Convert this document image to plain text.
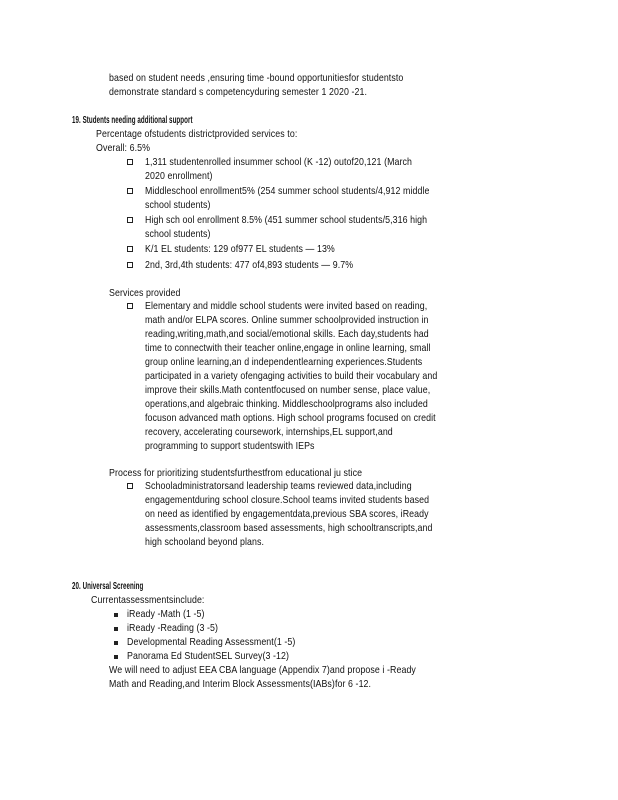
based on student needs ,ensuring time -bound opportunitiesfor studentsto
demonstrate standard s competencyduring semester 1 2020 -21.
19. Students needing additional support
Percentage ofstudents districtprovided services to:
Overall: 6.5%
1,311 studentenrolled insummer school (K -12) outof20,121 (March
2020 enrollment)
Middleschool enrollment5% (254 summer school students/4,912 middle
school students)
High sch ool enrollment 8.5% (451 summer school students/5,316 high
school students)
K/1 EL students: 129 of977 EL students — 13%
2nd, 3rd,4th students: 477 of4,893 students — 9.7%
Services provided
Elementary and middle school students were invited based on reading,
math and/or ELPA scores. Online summer schoolprovided instruction in
reading,writing,math,and social/emotional skills. Each day,students had
time to connectwith their teacher online,engage in online learning, small
group online learning,an d independentlearning experiences.Students
participated in a variety ofengaging activities to build their vocabulary and
improve their skills.Math contentfocused on number sense, place value,
operations,and algebraic thinking. Middleschoolprograms also included
focuson advanced math options. High school programs focused on credit
recovery, accelerating coursework, internships,EL support,and
programming to support studentswith IEPs
Process for prioritizing studentsfurthestfrom educational ju stice
Schooladministratorsand leadership teams reviewed data,including
engagementduring school closure.School teams invited students based
on need as identified by engagementdata,previous SBA scores, iReady
assessments,classroom based assessments, high schooltranscripts,and
high schooland beyond plans.
20. Universal Screening
Currentassessmentsinclude:
iReady -Math (1 -5)
iReady -Reading (3 -5)
Developmental Reading Assessment(1 -5)
Panorama Ed StudentSEL Survey(3 -12)
We will need to adjust EEA CBA language (Appendix 7)and propose i -Ready
Math and Reading,and Interim Block Assessments(IABs)for 6 -12.
